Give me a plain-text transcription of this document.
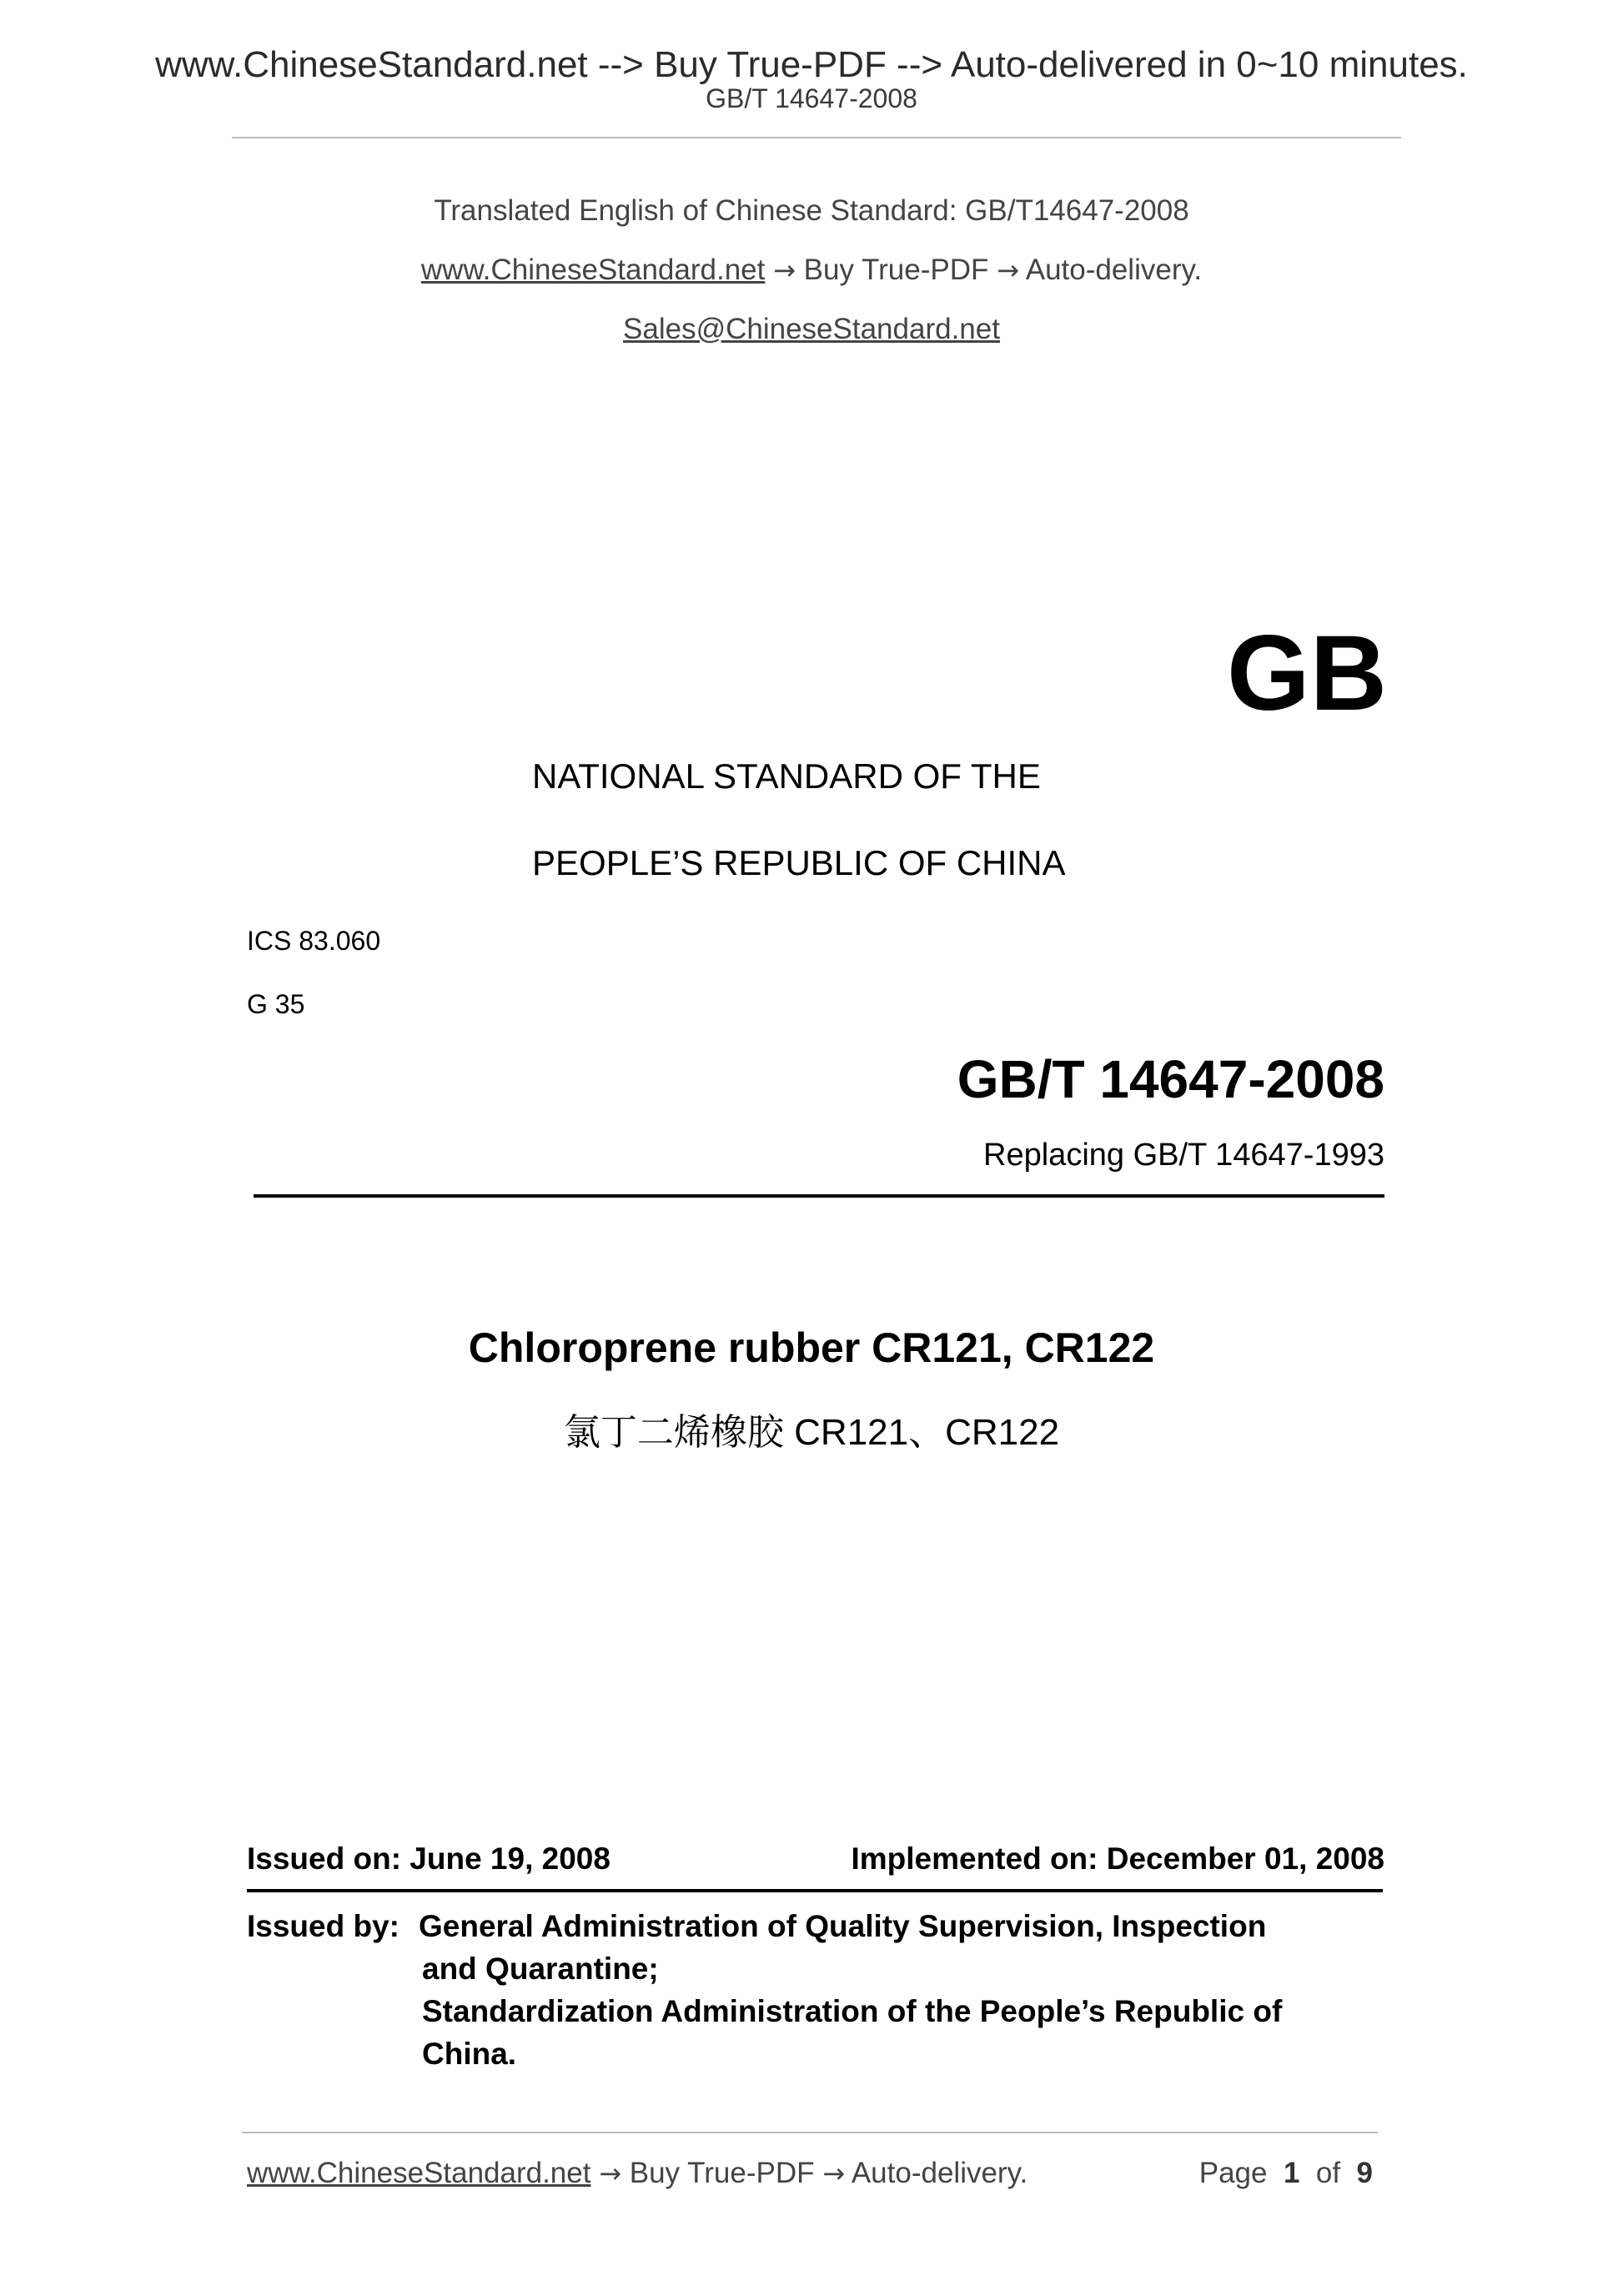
www.ChineseStandard.net --> Buy True-PDF --> Auto-delivered in 0~10 minutes.
GB/T 14647-2008
Translated English of Chinese Standard: GB/T14647-2008
www.ChineseStandard.net → Buy True-PDF → Auto-delivery.
Sales@ChineseStandard.net
GB
NATIONAL STANDARD OF THE
PEOPLE’S REPUBLIC OF CHINA
ICS 83.060
G 35
GB/T 14647-2008
Replacing GB/T 14647-1993
Chloroprene rubber CR121, CR122
氯丁二烯橡胶 CR121、CR122
Issued on: June 19, 2008	Implemented on: December 01, 2008
Issued by: General Administration of Quality Supervision, Inspection
and Quarantine;
Standardization Administration of the People’s Republic of
China.
www.ChineseStandard.net → Buy True-PDF → Auto-delivery.	Page 1 of 9
